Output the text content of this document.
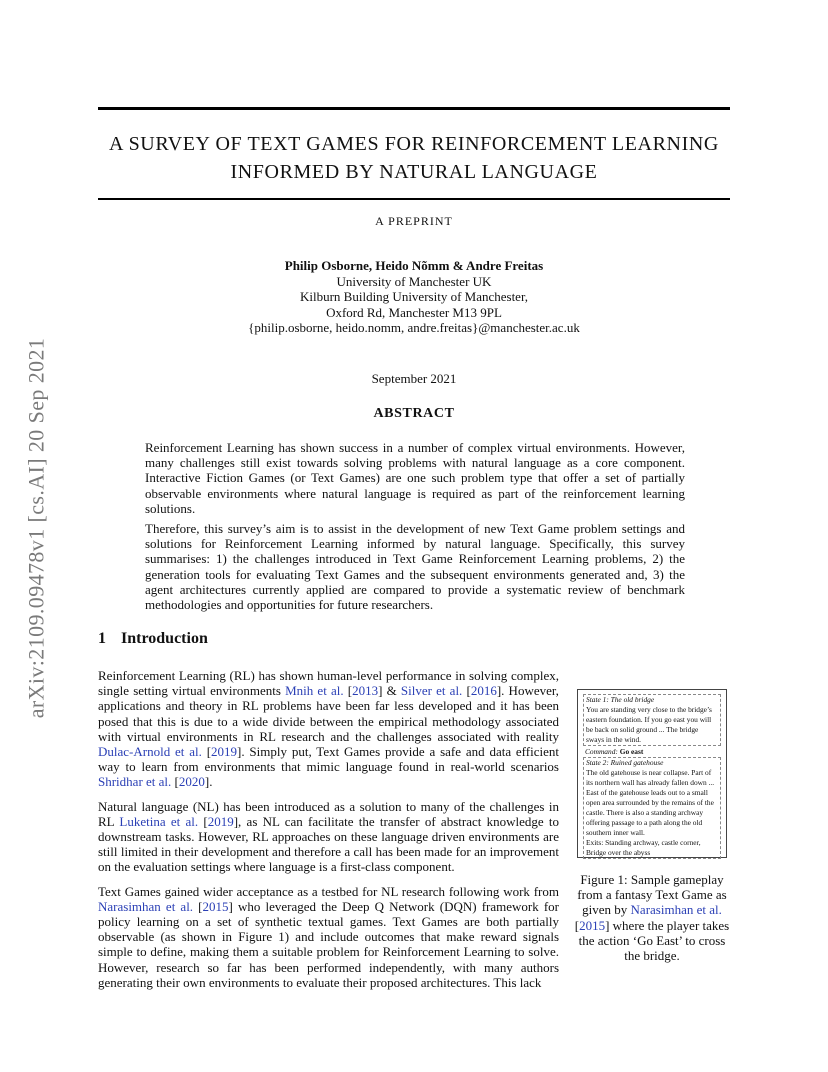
arXiv:2109.09478v1 [cs.AI] 20 Sep 2021
A SURVEY OF TEXT GAMES FOR REINFORCEMENT LEARNING
INFORMED BY NATURAL LANGUAGE
A PREPRINT
Philip Osborne, Heido Nõmm & Andre Freitas
University of Manchester UK
Kilburn Building University of Manchester,
Oxford Rd, Manchester M13 9PL
{philip.osborne, heido.nomm, andre.freitas}@manchester.ac.uk
September 2021
ABSTRACT

Reinforcement Learning has shown success in a number of complex virtual environments. However, many challenges still exist towards solving problems with natural language as a core component. Interactive Fiction Games (or Text Games) are one such problem type that offer a set of partially observable environments where natural language is required as part of the reinforcement learning solutions.

Therefore, this survey’s aim is to assist in the development of new Text Game problem settings and solutions for Reinforcement Learning informed by natural language. Specifically, this survey summarises: 1) the challenges introduced in Text Game Reinforcement Learning problems, 2) the generation tools for evaluating Text Games and the subsequent environments generated and, 3) the agent architectures currently applied are compared to provide a systematic review of benchmark methodologies and opportunities for future researchers.

1 Introduction

Reinforcement Learning (RL) has shown human-level performance in solving complex, single setting virtual environments Mnih et al. [2013] & Silver et al. [2016]. However, applications and theory in RL problems have been far less developed and it has been posed that this is due to a wide divide between the empirical methodology associated with virtual environments in RL research and the challenges associated with reality Dulac-Arnold et al. [2019]. Simply put, Text Games provide a safe and data efficient way to learn from environments that mimic language found in real-world scenarios Shridhar et al. [2020].

Natural language (NL) has been introduced as a solution to many of the challenges in RL Luketina et al. [2019], as NL can facilitate the transfer of abstract knowledge to downstream tasks. However, RL approaches on these language driven environments are still limited in their development and therefore a call has been made for an improvement on the evaluation settings where language is a first-class component.

Text Games gained wider acceptance as a testbed for NL research following work from Narasimhan et al. [2015] who leveraged the Deep Q Network (DQN) framework for policy learning on a set of synthetic textual games. Text Games are both partially observable (as shown in Figure 1) and include outcomes that make reward signals simple to define, making them a suitable problem for Reinforcement Learning to solve. However, research so far has been performed independently, with many authors generating their own environments to evaluate their proposed architectures. This lack

State 1: The old bridge
You are standing very close to the bridge’s eastern foundation. If you go east you will be back on solid ground ... The bridge sways in the wind.
Command: Go east
State 2: Ruined gatehouse
The old gatehouse is near collapse. Part of its northern wall has already fallen down ... East of the gatehouse leads out to a small open area surrounded by the remains of the castle. There is also a standing archway offering passage to a path along the old southern inner wall.
Exits: Standing archway, castle corner, Bridge over the abyss
Figure 1: Sample gameplay from a fantasy Text Game as given by Narasimhan et al. [2015] where the player takes the action ‘Go East’ to cross the bridge.
